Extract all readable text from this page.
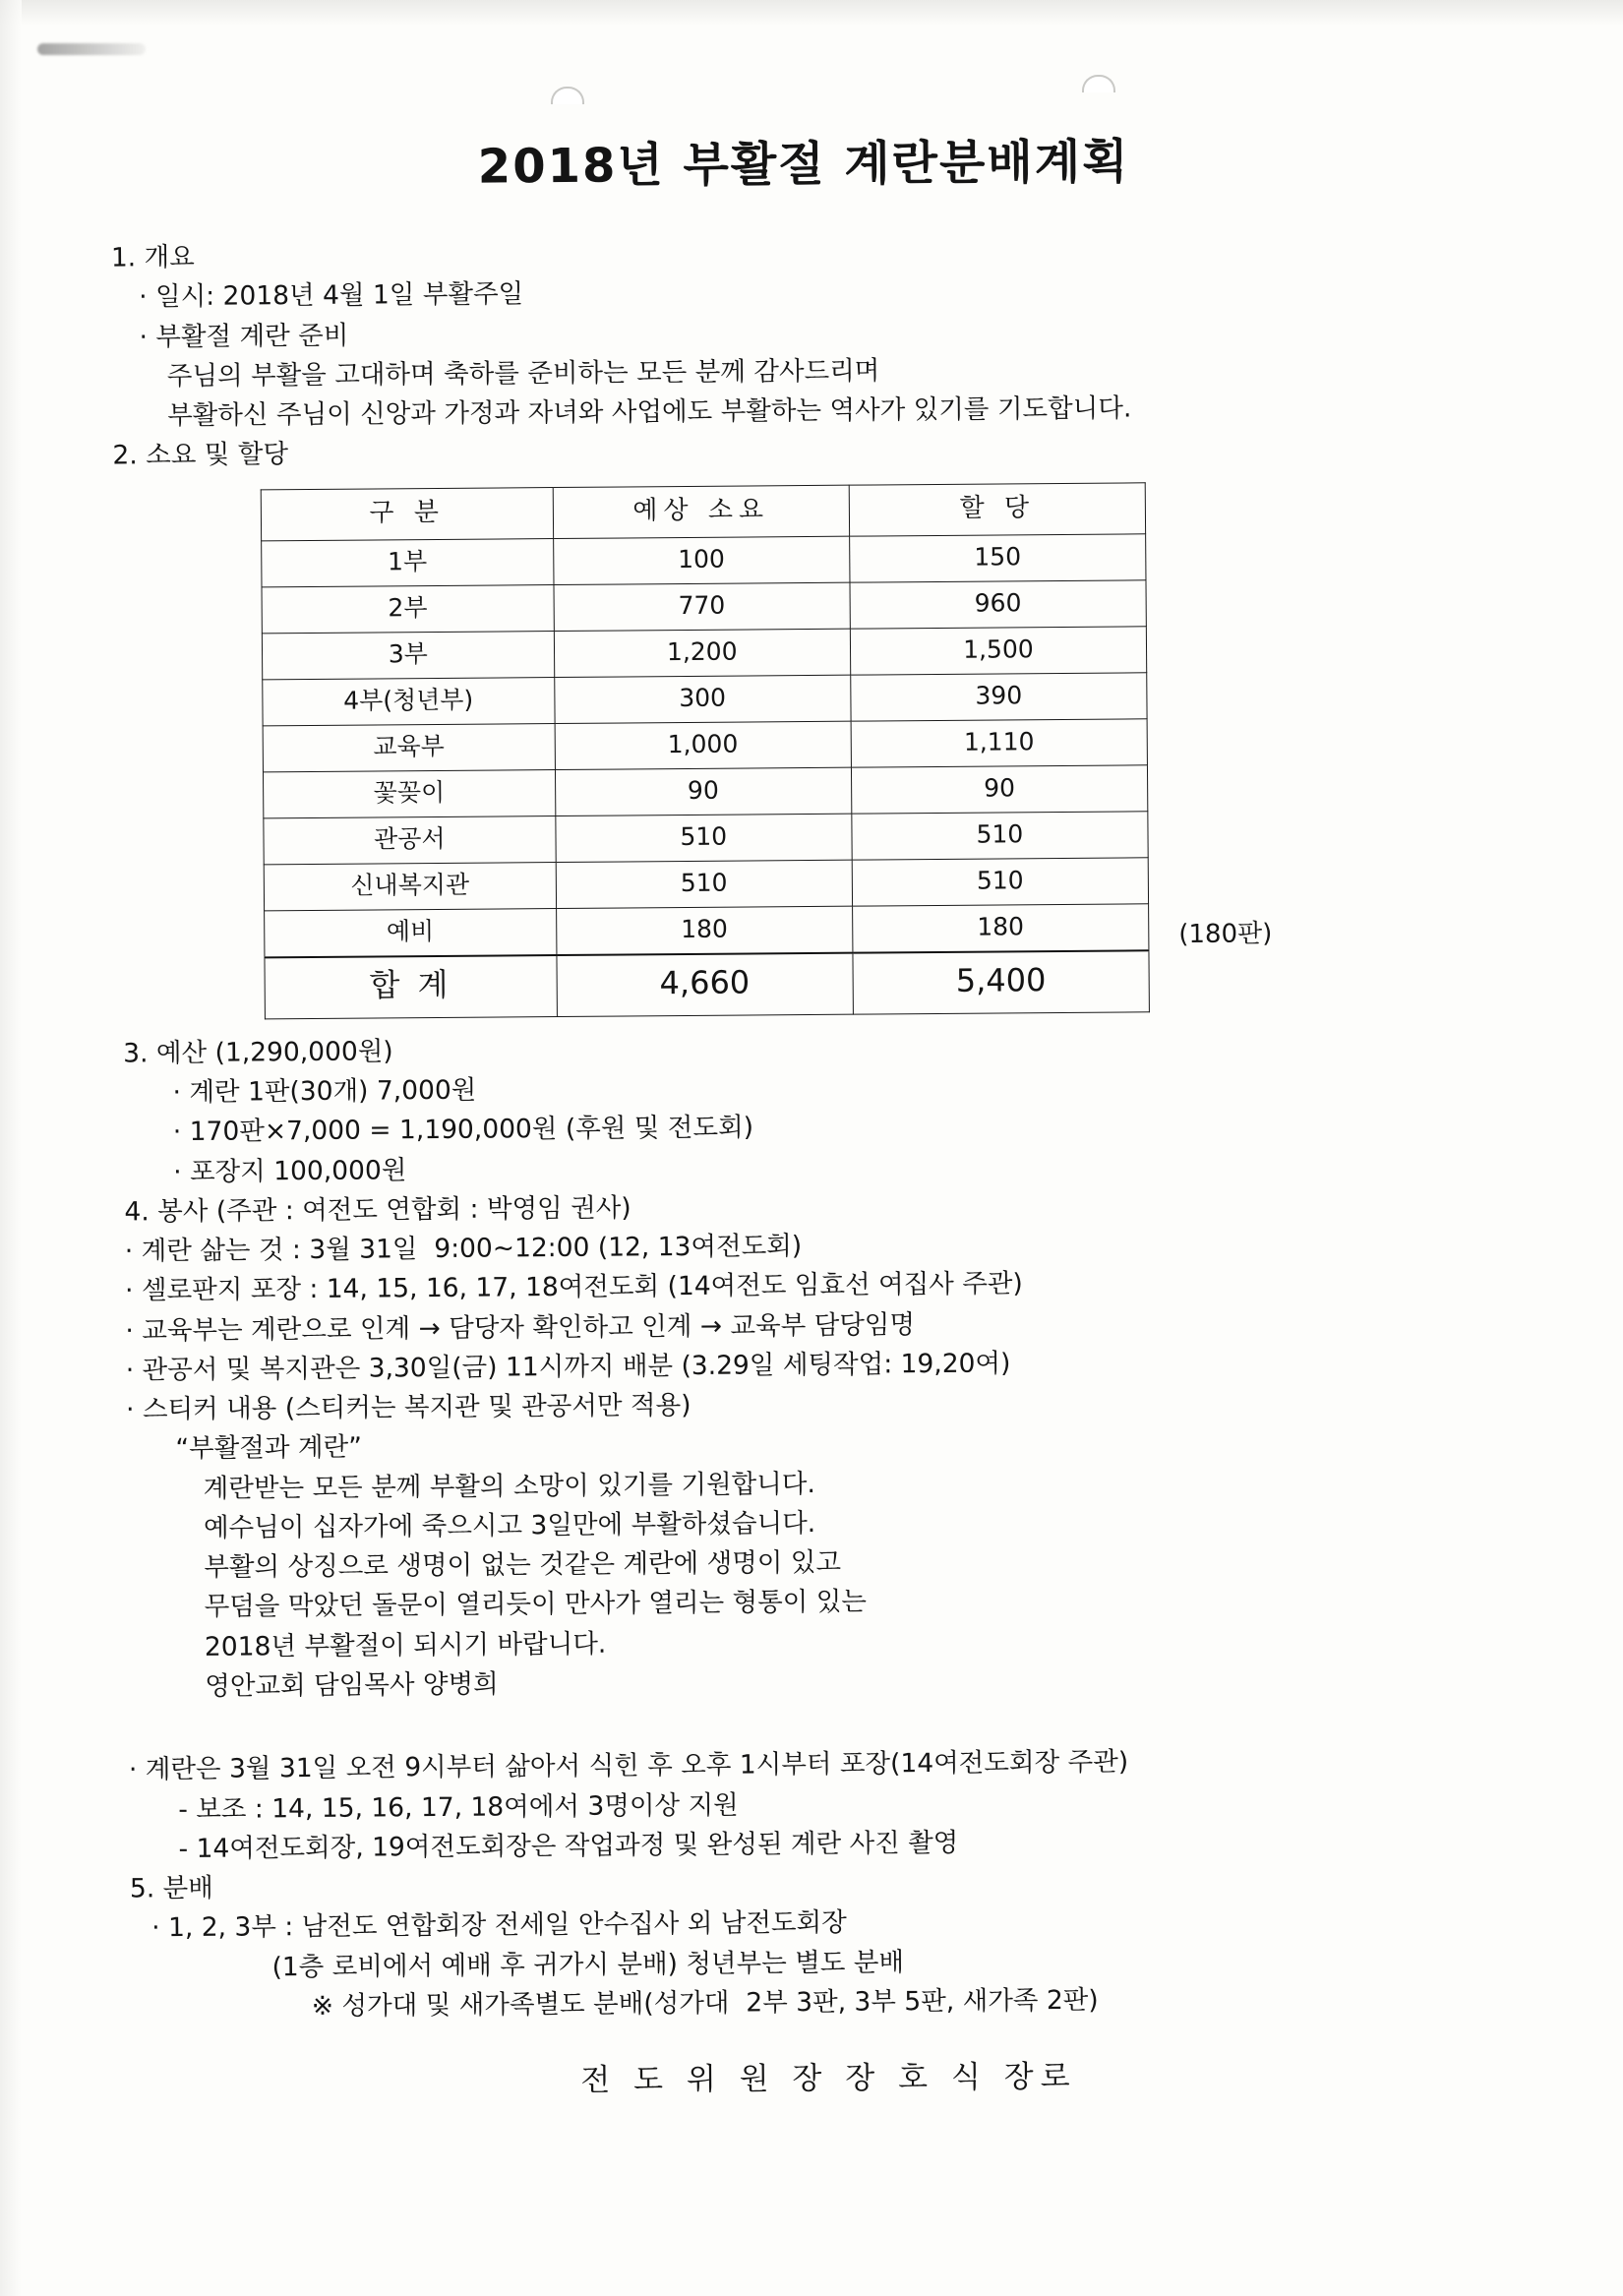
2018년 부활절 계란분배계획
1. 개요
· 일시: 2018년 4월 1일 부활주일
· 부활절 계란 준비
주님의 부활을 고대하며 축하를 준비하는 모든 분께 감사드리며
부활하신 주님이 신앙과 가정과 자녀와 사업에도 부활하는 역사가 있기를 기도합니다.
2. 소요 및 할당
구 분	예상 소요	할 당
1부	100	150
2부	770	960
3부	1,200	1,500
4부(청년부)	300	390
교육부	1,000	1,110
꽃꽂이	90	90
관공서	510	510
신내복지관	510	510
예비	180	180
합 계	4,660	5,400
(180판)
3. 예산 (1,290,000원)
· 계란 1판(30개) 7,000원
· 170판×7,000 = 1,190,000원 (후원 및 전도회)
· 포장지 100,000원
4. 봉사 (주관 : 여전도 연합회 : 박영임 권사)
· 계란 삶는 것 : 3월 31일  9:00~12:00 (12, 13여전도회)
· 셀로판지 포장 : 14, 15, 16, 17, 18여전도회 (14여전도 임효선 여집사 주관)
· 교육부는 계란으로 인계 → 담당자 확인하고 인계 → 교육부 담당임명
· 관공서 및 복지관은 3,30일(금) 11시까지 배분 (3.29일 세팅작업: 19,20여)
· 스티커 내용 (스티커는 복지관 및 관공서만 적용)
“부활절과 계란”
계란받는 모든 분께 부활의 소망이 있기를 기원합니다.
예수님이 십자가에 죽으시고 3일만에 부활하셨습니다.
부활의 상징으로 생명이 없는 것같은 계란에 생명이 있고
무덤을 막았던 돌문이 열리듯이 만사가 열리는 형통이 있는
2018년 부활절이 되시기 바랍니다.
영안교회 담임목사 양병희
· 계란은 3월 31일 오전 9시부터 삶아서 식힌 후 오후 1시부터 포장(14여전도회장 주관)
- 보조 : 14, 15, 16, 17, 18여에서 3명이상 지원
- 14여전도회장, 19여전도회장은 작업과정 및 완성된 계란 사진 촬영
5. 분배
· 1, 2, 3부 : 남전도 연합회장 전세일 안수집사 외 남전도회장
(1층 로비에서 예배 후 귀가시 분배) 청년부는 별도 분배
※ 성가대 및 새가족별도 분배(성가대  2부 3판, 3부 5판, 새가족 2판)
전 도 위 원 장 장 호 식 장로
